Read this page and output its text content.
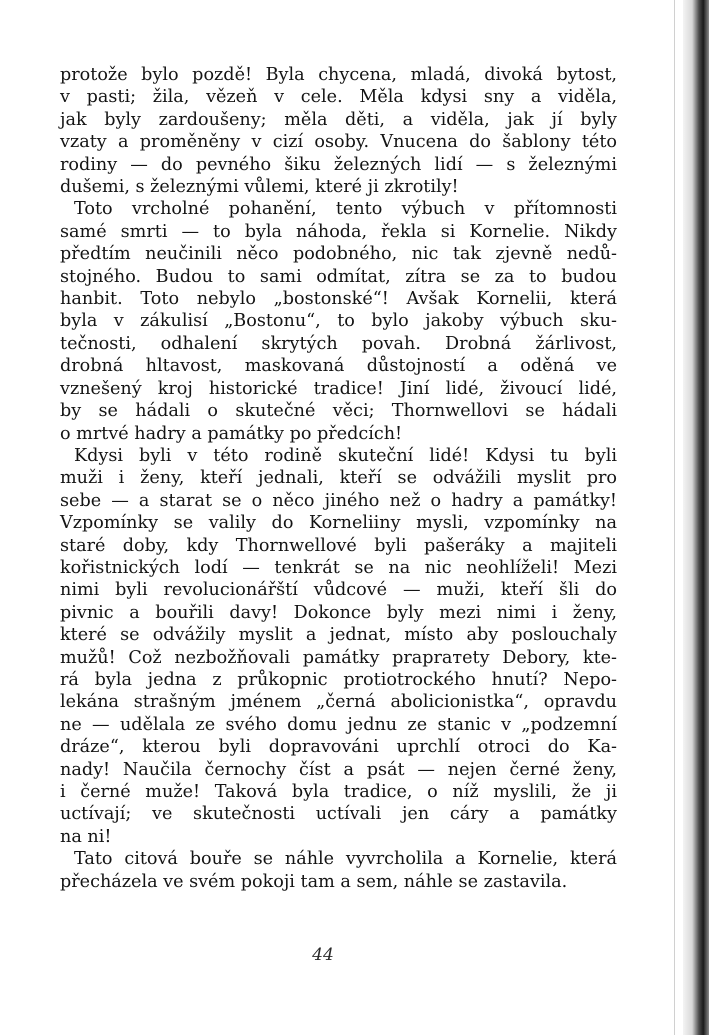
protože bylo pozdě! Byla chycena, mladá, divoká bytost,
v pasti; žila, vězeň v cele. Měla kdysi sny a viděla,
jak byly zardoušeny; měla děti, a viděla, jak jí byly
vzaty a proměněny v cizí osoby. Vnucena do šablony této
rodiny — do pevného šiku železných lidí — s železnými
dušemi, s železnými vůlemi, které ji zkrotily!

Toto vrcholné pohanění, tento výbuch v přítomnosti
samé smrti — to byla náhoda, řekla si Kornelie. Nikdy
předtím neučinili něco podobného, nic tak zjevně nedů-
stojného. Budou to sami odmítat, zítra se za to budou
hanbit. Toto nebylo „bostonské“! Avšak Kornelii, která
byla v zákulisí „Bostonu“, to bylo jakoby výbuch sku-
tečnosti, odhalení skrytých povah. Drobná žárlivost,
drobná hltavost, maskovaná důstojností a oděná ve
vznešený kroj historické tradice! Jiní lidé, živoucí lidé,
by se hádali o skutečné věci; Thornwellovi se hádali
o mrtvé hadry a památky po předcích!

Kdysi byli v této rodině skuteční lidé! Kdysi tu byli
muži i ženy, kteří jednali, kteří se odvážili myslit pro
sebe — a starat se o něco jiného než o hadry a památky!
Vzpomínky se valily do Korneliiny mysli, vzpomínky na
staré doby, kdy Thornwellové byli pašeráky a majiteli
kořistnických lodí — tenkrát se na nic neohlíželi! Mezi
nimi byli revolucionářští vůdcové — muži, kteří šli do
pivnic a bouřili davy! Dokonce byly mezi nimi i ženy,
které se odvážily myslit a jednat, místo aby poslouchaly
mužů! Což nezbožňovali památky praprатety Debory, kte-
rá byla jedna z průkopnic protiotrockého hnutí? Nepo-
lekána strašným jménem „černá abolicionistka“, opravdu
ne — udělala ze svého domu jednu ze stanic v „podzemní
dráze“, kterou byli dopravováni uprchlí otroci do Ka-
nady! Naučila černochy číst a psát — nejen černé ženy,
i černé muže! Taková byla tradice, o níž myslili, že ji
uctívají; ve skutečnosti uctívali jen cáry a památky
na ni!

Tato citová bouře se náhle vyvrcholila a Kornelie, která
přecházela ve svém pokoji tam a sem, náhle se zastavila.

44
